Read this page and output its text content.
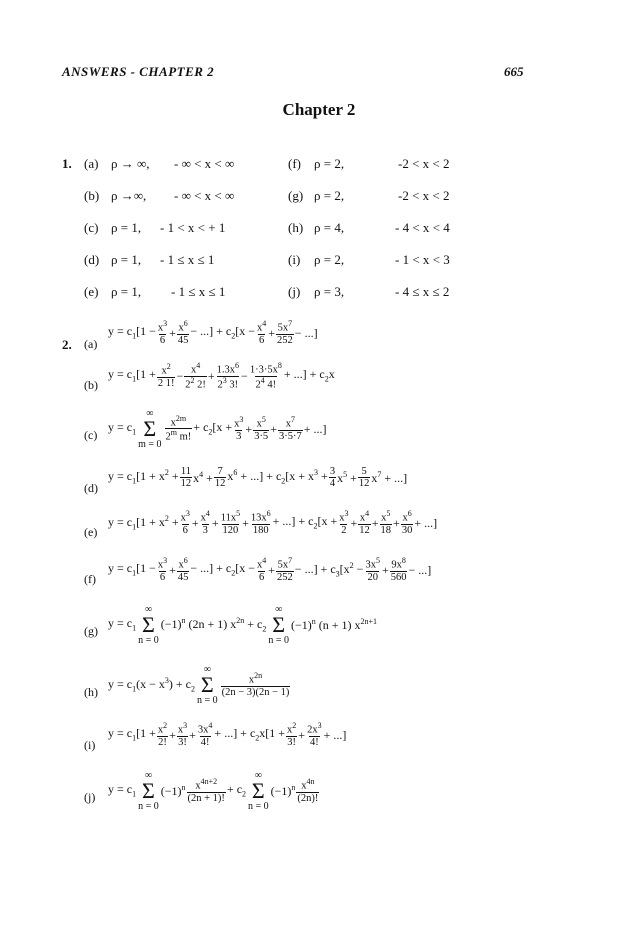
ANSWERS - CHAPTER 2	665
Chapter 2
1. (a) ρ → ∞, - ∞ < x < ∞
(b) ρ →∞, - ∞ < x < ∞
(c) ρ = 1, - 1 < x < + 1
(d) ρ = 1, - 1 ≤ x ≤ 1
(e) ρ = 1, - 1 ≤ x ≤ 1
(f) ρ = 2,	-2 < x < 2
(g) ρ = 2,	-2 < x < 2
(h) ρ = 4,	- 4 < x < 4
(i) ρ = 2,	- 1 < x < 3
(j) ρ = 3,	- 4 ≤ x ≤ 2
2. (a)
$y = c_1[1 - \frac{x^3}{6} + \frac{x^6}{45}$ − ...] + $c_2[x - \frac{x^4}{6} + \frac{5x^7}{252}$ − ...]
(b)
$y = c_1[1 + \frac{x^2}{2 1!} - \frac{x^4}{2^2 2!} + \frac{1.3x^6}{2^3 3!} - \frac{1\cdot 3\cdot 5x^8}{2^4 4!}$ + ...] + $c_2x$
(c)
$y = c_1$
∞
Σ
m = 0
$\frac{x^{2m}}{2^m m!} + c_2[x + \frac{x^3}{3} + \frac{x^5}{3\cdot 5} + \frac{x^7}{3\cdot 5\cdot 7}$ + ...]
(d)
$y = c_1[1 + x^2 + \frac{11}{12} x^4 + \frac{7}{12} x^6$ + ...] + $c_2[x + x^3 + \frac{3}{4} x^5 + \frac{5}{12} x^7$ + ...]
(e)
$y = c_1[1 + x^2 + \frac{x^3}{6} + \frac{x^4}{3} + \frac{11x^5}{120} + \frac{13x^6}{180}$ + ...] + $c_2[x + \frac{x^3}{2} + \frac{x^4}{12} + \frac{x^5}{18} + \frac{x^6}{30}$ + ...]
(f)
$y = c_1[1 - \frac{x^3}{6} + \frac{x^6}{45}$ − ...] + $c_2[x - \frac{x^4}{6} + \frac{5x^7}{252}$ − ...] + $c_3[x^2 - \frac{3x^5}{20} + \frac{9x^8}{560}$ − ...]
(g)
$y = c_1$
∞
Σ
n = 0
$(-1)^n$ (2n + 1) $x^{2n} + c_2$
∞
Σ
n = 0
$(-1)^n$ (n + 1) $x^{2n+1}$
(h)
$y = c_1(x - x^3) + c_2$
∞
Σ
n = 0
$\frac{x^{2n}}{(2n - 3)(2n - 1)}$
(i)
$y = c_1[1 + \frac{x^2}{2!} + \frac{x^3}{3!} + \frac{3x^4}{4!}$ + ...] + $c_2x[1 + \frac{x^2}{3!} + \frac{2x^3}{4!}$ + ...]
(j)
$y = c_1$
∞
Σ
n = 0
$(-1)^n \frac{x^{4n+2}}{(2n + 1)!} + c_2$
∞
Σ
n = 0
$(-1)^n \frac{x^{4n}}{(2n)!}$
